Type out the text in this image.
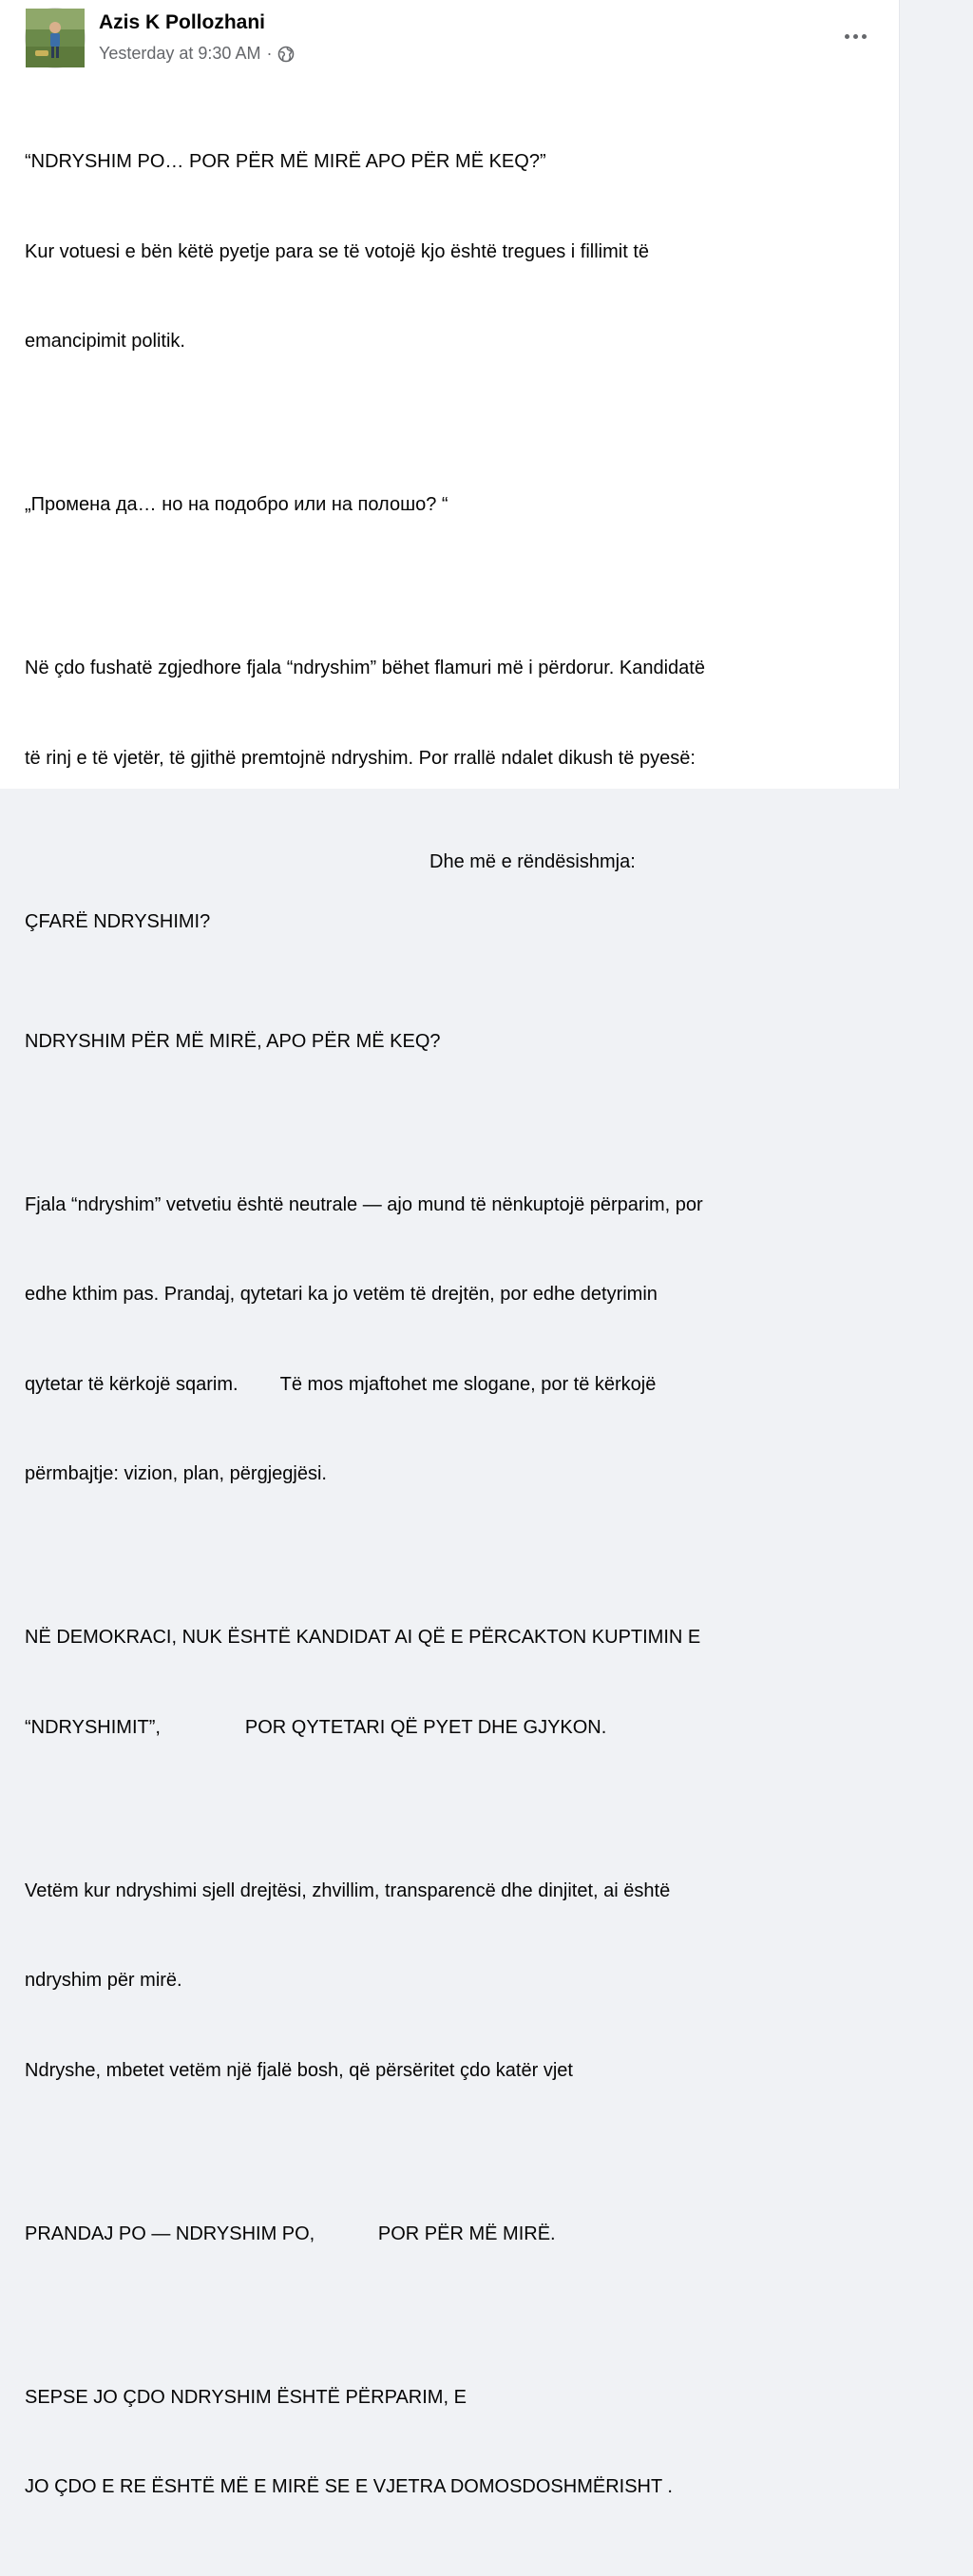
Azis K Pollozhani
Yesterday at 9:30 AM ·

“NDRYSHIM PO… POR PËR MË MIRË APO PËR MË KEQ?”

Kur votuesi e bën këtë pyetje para se të votojë kjo është tregues i fillimit të

emancipimit politik.

„Промена да… но на подобро или на полошо? “

Në çdo fushatë zgjedhore fjala “ndryshim” bëhet flamuri më i përdorur. Kandidatë

të rinj e të vjetër, të gjithë premtojnë ndryshim. Por rrallë ndalet dikush të pyesë:

ÇFARË NDRYSHIMI?

Dhe më e rëndësishmja:

NDRYSHIM PËR MË MIRË, APO PËR MË KEQ?

Fjala “ndryshim” vetvetiu është neutrale — ajo mund të nënkuptojë përparim, por

edhe kthim pas. Prandaj, qytetari ka jo vetëm të drejtën, por edhe detyrimin

qytetar të kërkojë sqarim.        Të mos mjaftohet me slogane, por të kërkojë

përmbajtje: vizion, plan, përgjegjësi.

NË DEMOKRACI, NUK ËSHTË KANDIDAT AI QË E PËRCAKTON KUPTIMIN E

“NDRYSHIMIT”,                POR QYTETARI QË PYET DHE GJYKON.

Vetëm kur ndryshimi sjell drejtësi, zhvillim, transparencë dhe dinjitet, ai është

ndryshim për mirë.

Ndryshe, mbetet vetëm një fjalë bosh, që përsëritet çdo katër vjet

PRANDAJ PO — NDRYSHIM PO,            POR PËR MË MIRË.

SEPSE JO ÇDO NDRYSHIM ËSHTË PËRPARIM, E

JO ÇDO E RE ËSHTË MË E MIRË SE E VJETRA DOMOSDOSHMËRISHT .
